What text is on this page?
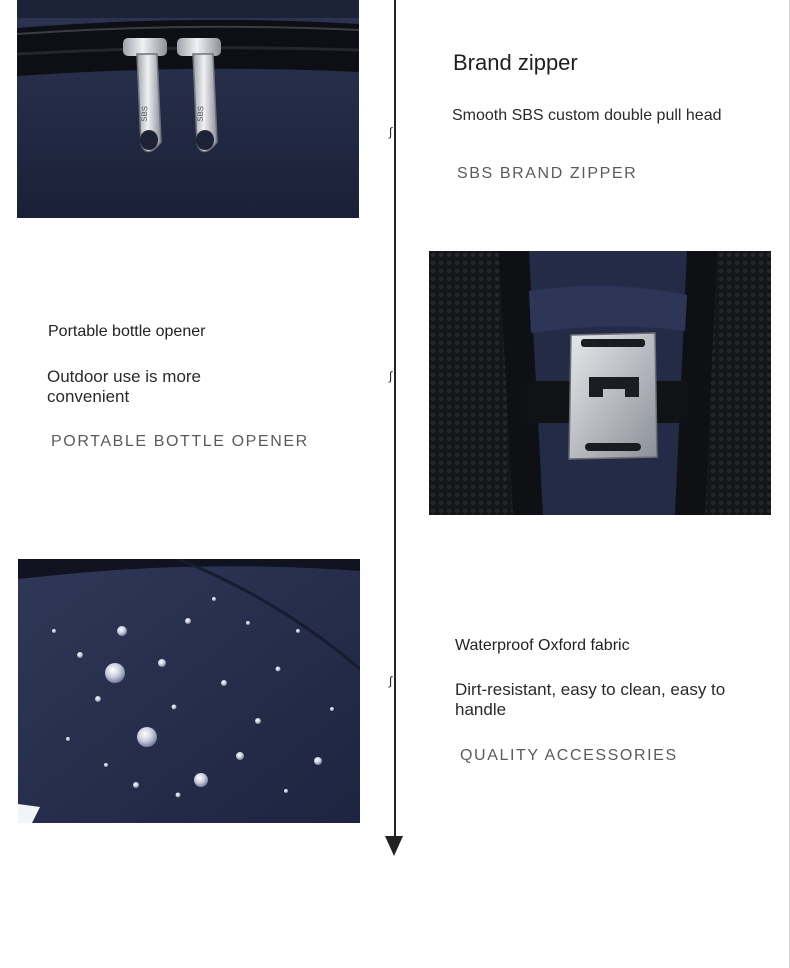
∫
∫
∫
SBS	SBS
Brand zipper
Smooth SBS custom double pull head
SBS BRAND ZIPPER
Portable bottle opener
Outdoor use is more convenient
PORTABLE BOTTLE OPENER
Waterproof Oxford fabric
Dirt-resistant, easy to clean, easy to handle
QUALITY ACCESSORIES
